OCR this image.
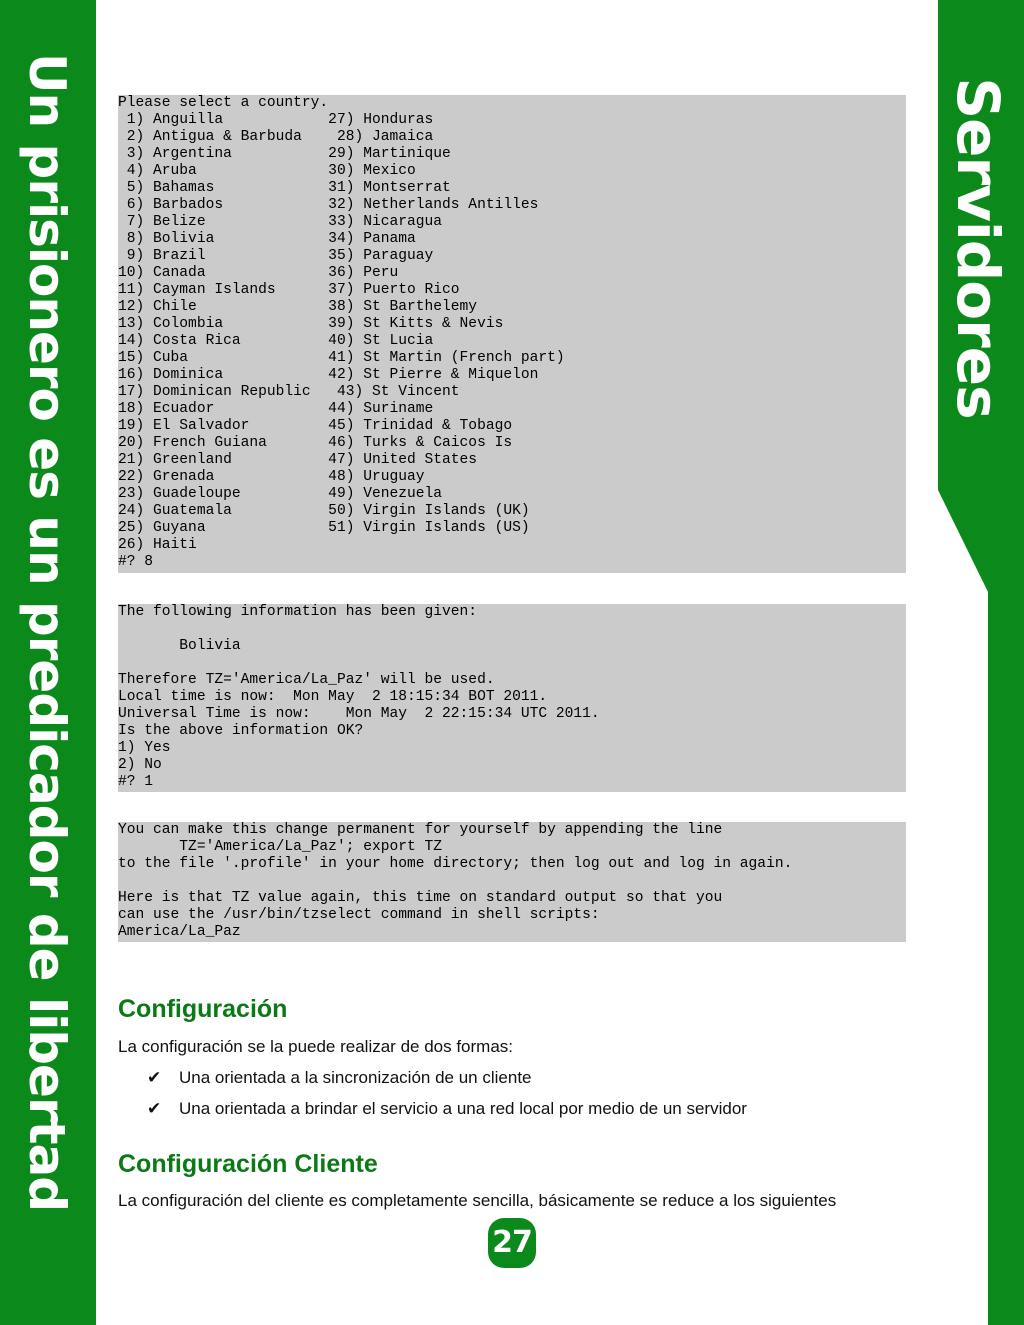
Un prisionero es un predicador de libertad	Servidores
Please select a country.
1) Anguilla            27) Honduras
2) Antigua & Barbuda    28) Jamaica
3) Argentina           29) Martinique
4) Aruba               30) Mexico
5) Bahamas             31) Montserrat
6) Barbados            32) Netherlands Antilles
7) Belize              33) Nicaragua
8) Bolivia             34) Panama
9) Brazil              35) Paraguay
10) Canada              36) Peru
11) Cayman Islands      37) Puerto Rico
12) Chile               38) St Barthelemy
13) Colombia            39) St Kitts & Nevis
14) Costa Rica          40) St Lucia
15) Cuba                41) St Martin (French part)
16) Dominica            42) St Pierre & Miquelon
17) Dominican Republic   43) St Vincent
18) Ecuador             44) Suriname
19) El Salvador         45) Trinidad & Tobago
20) French Guiana       46) Turks & Caicos Is
21) Greenland           47) United States
22) Grenada             48) Uruguay
23) Guadeloupe          49) Venezuela
24) Guatemala           50) Virgin Islands (UK)
25) Guyana              51) Virgin Islands (US)
26) Haiti
#? 8
The following information has been given:
Bolivia
Therefore TZ='America/La_Paz' will be used.
Local time is now:  Mon May  2 18:15:34 BOT 2011.
Universal Time is now:    Mon May  2 22:15:34 UTC 2011.
Is the above information OK?
1) Yes
2) No
#? 1
You can make this change permanent for yourself by appending the line
TZ='America/La_Paz'; export TZ
to the file '.profile' in your home directory; then log out and log in again.
Here is that TZ value again, this time on standard output so that you
can use the /usr/bin/tzselect command in shell scripts:
America/La_Paz
Configuración
La configuración se la puede realizar de dos formas:
✔ Una orientada a la sincronización de un cliente
✔ Una orientada a brindar el servicio a una red local por medio de un servidor
Configuración Cliente
La configuración del cliente es completamente sencilla, básicamente se reduce a los siguientes
27
